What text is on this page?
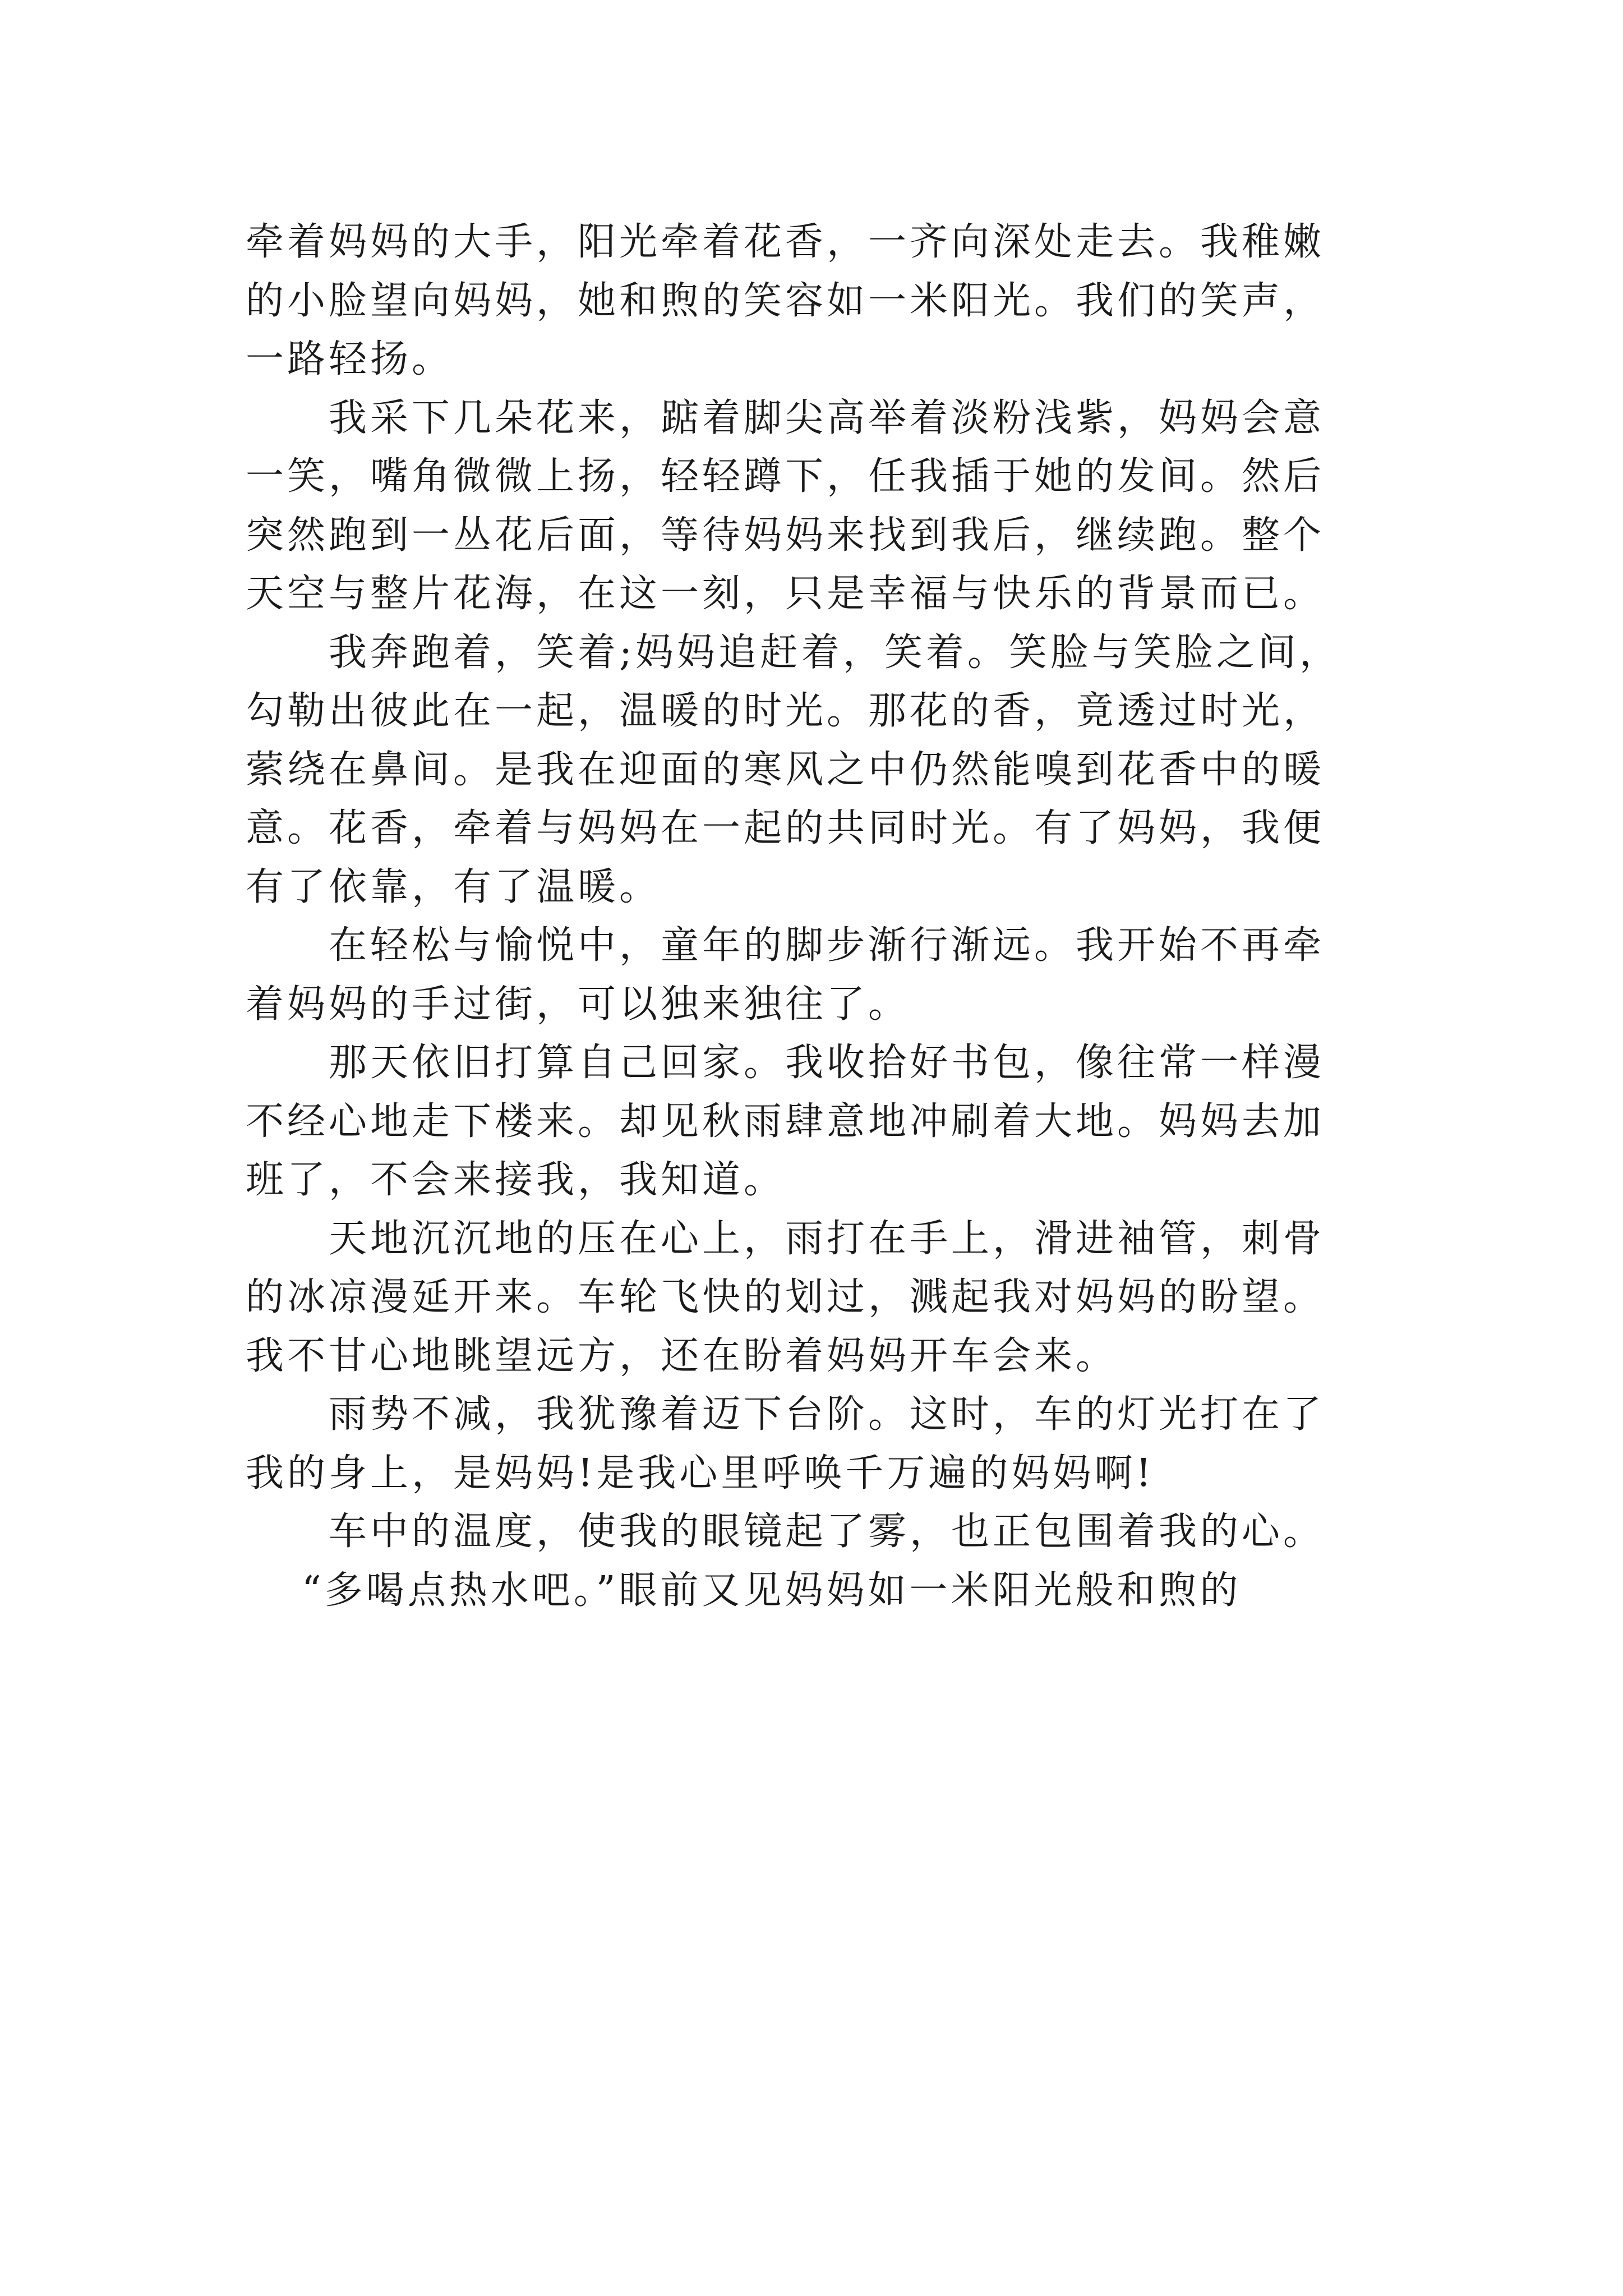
牵着妈妈的大手，阳光牵着花香，一齐向深处走去。我稚嫩
的小脸望向妈妈，她和煦的笑容如一米阳光。我们的笑声，
一路轻扬。
我采下几朵花来，踮着脚尖高举着淡粉浅紫，妈妈会意
一笑，嘴角微微上扬，轻轻蹲下，任我插于她的发间。然后
突然跑到一丛花后面，等待妈妈来找到我后，继续跑。整个
天空与整片花海，在这一刻，只是幸福与快乐的背景而已。
我奔跑着，笑着;妈妈追赶着，笑着。笑脸与笑脸之间，
勾勒出彼此在一起，温暖的时光。那花的香，竟透过时光，
萦绕在鼻间。是我在迎面的寒风之中仍然能嗅到花香中的暖
意。花香，牵着与妈妈在一起的共同时光。有了妈妈，我便
有了依靠，有了温暖。
在轻松与愉悦中，童年的脚步渐行渐远。我开始不再牵
着妈妈的手过街，可以独来独往了。
那天依旧打算自己回家。我收拾好书包，像往常一样漫
不经心地走下楼来。却见秋雨肆意地冲刷着大地。妈妈去加
班了，不会来接我，我知道。
天地沉沉地的压在心上，雨打在手上，滑进袖管，刺骨
的冰凉漫延开来。车轮飞快的划过，溅起我对妈妈的盼望。
我不甘心地眺望远方，还在盼着妈妈开车会来。
雨势不减，我犹豫着迈下台阶。这时，车的灯光打在了
我的身上，是妈妈!是我心里呼唤千万遍的妈妈啊!
车中的温度，使我的眼镜起了雾，也正包围着我的心。
“多喝点热水吧。”眼前又见妈妈如一米阳光般和煦的
